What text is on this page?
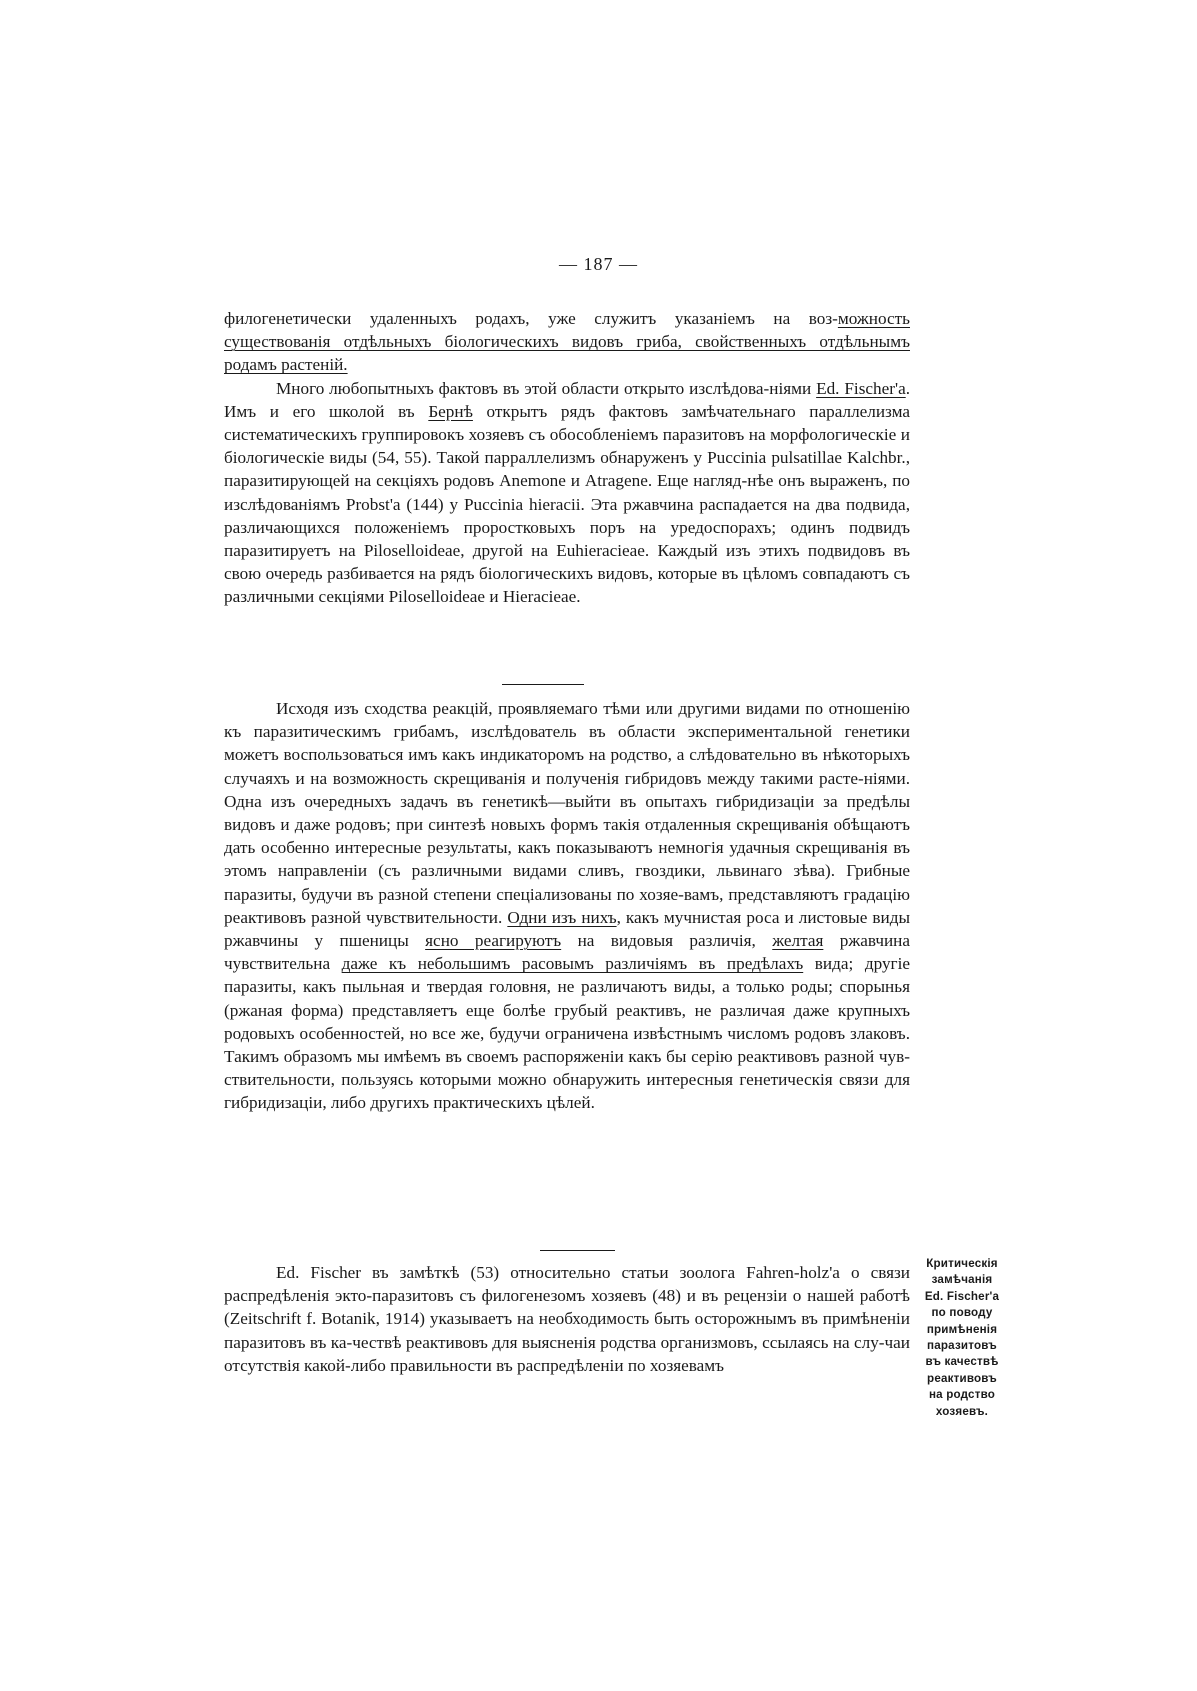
— 187 —

филогенетически удаленныхъ родахъ, уже служитъ указаніемъ на воз-можность существованія отдѣльныхъ біологическихъ видовъ гриба, свойственныхъ отдѣльнымъ родамъ растеній.

Много любопытныхъ фактовъ въ этой области открыто изслѣдова-ніями Ed. Fischer'a. Имъ и его школой въ Бернѣ открытъ рядъ фактовъ замѣчательнаго параллелизма систематическихъ группировокъ хозяевъ съ обособленіемъ паразитовъ на морфологическіе и біологическіе виды (54, 55). Такой парраллелизмъ обнаруженъ у Puccinia pulsatillae Kalchbr., паразитирующей на секціяхъ родовъ Anemone и Atragene. Еще нагляд-нѣе онъ выраженъ, по изслѣдованіямъ Probst'a (144) у Puccinia hieracii. Эта ржавчина распадается на два подвида, различающихся положеніемъ проростковыхъ поръ на уредоспорахъ; одинъ подвидъ паразитируетъ на Pilosellоideae, другой на Euhieracieae. Каждый изъ этихъ подвидовъ въ свою очередь разбивается на рядъ біологическихъ видовъ, которые въ цѣломъ совпадаютъ съ различными секціями Pilosellоideae и Hieracieae.

Исходя изъ сходства реакцій, проявляемаго тѣми или другими видами по отношенію къ паразитическимъ грибамъ, изслѣдователь въ области экспериментальной генетики можетъ воспользоваться имъ какъ индикаторомъ на родство, а слѣдовательно въ нѣкоторыхъ случаяхъ и на возможность скрещиванія и полученія гибридовъ между такими расте-ніями. Одна изъ очередныхъ задачъ въ генетикѣ—выйти въ опытахъ гибридизаціи за предѣлы видовъ и даже родовъ; при синтезѣ новыхъ формъ такія отдаленныя скрещиванія обѣщаютъ дать особенно интересные результаты, какъ показываютъ немногія удачныя скрещиванія въ этомъ направленіи (съ различными видами сливъ, гвоздики, львинаго зѣва). Грибные паразиты, будучи въ разной степени спеціализованы по хозяе-вамъ, представляютъ градацію реактивовъ разной чувствительности. Одни изъ нихъ, какъ мучнистая роса и листовые виды ржавчины у пшеницы ясно реагируютъ на видовыя различія, желтая ржавчина чувствительна даже къ небольшимъ расовымъ различіямъ въ предѣлахъ вида; другіе паразиты, какъ пыльная и твердая головня, не различаютъ виды, а только роды; спорынья (ржаная форма) представляетъ еще болѣе грубый реактивъ, не различая даже крупныхъ родовыхъ особенностей, но все же, будучи ограничена извѣстнымъ числомъ родовъ злаковъ. Такимъ образомъ мы имѣемъ въ своемъ распоряженіи какъ бы серію реактивовъ разной чув-ствительности, пользуясь которыми можно обнаружить интересныя генетическія связи для гибридизаціи, либо другихъ практическихъ цѣлей.

Ed. Fischer въ замѣткѣ (53) относительно статьи зоолога Fahren-holz'a о связи распредѣленія экто-паразитовъ съ филогенезомъ хозяевъ (48) и въ рецензіи о нашей работѣ (Zeitschrift f. Botanik, 1914) указываетъ на необходимость быть осторожнымъ въ примѣненіи паразитовъ въ ка-чествѣ реактивовъ для выясненія родства организмовъ, ссылаясь на слу-чаи отсутствія какой-либо правильности въ распредѣленіи по хозяевамъ

Критическія
замѣчанія
Ed. Fischer'a
по поводу
примѣненія
паразитовъ
въ качествѣ
реактивовъ
на родство
хозяевъ.
